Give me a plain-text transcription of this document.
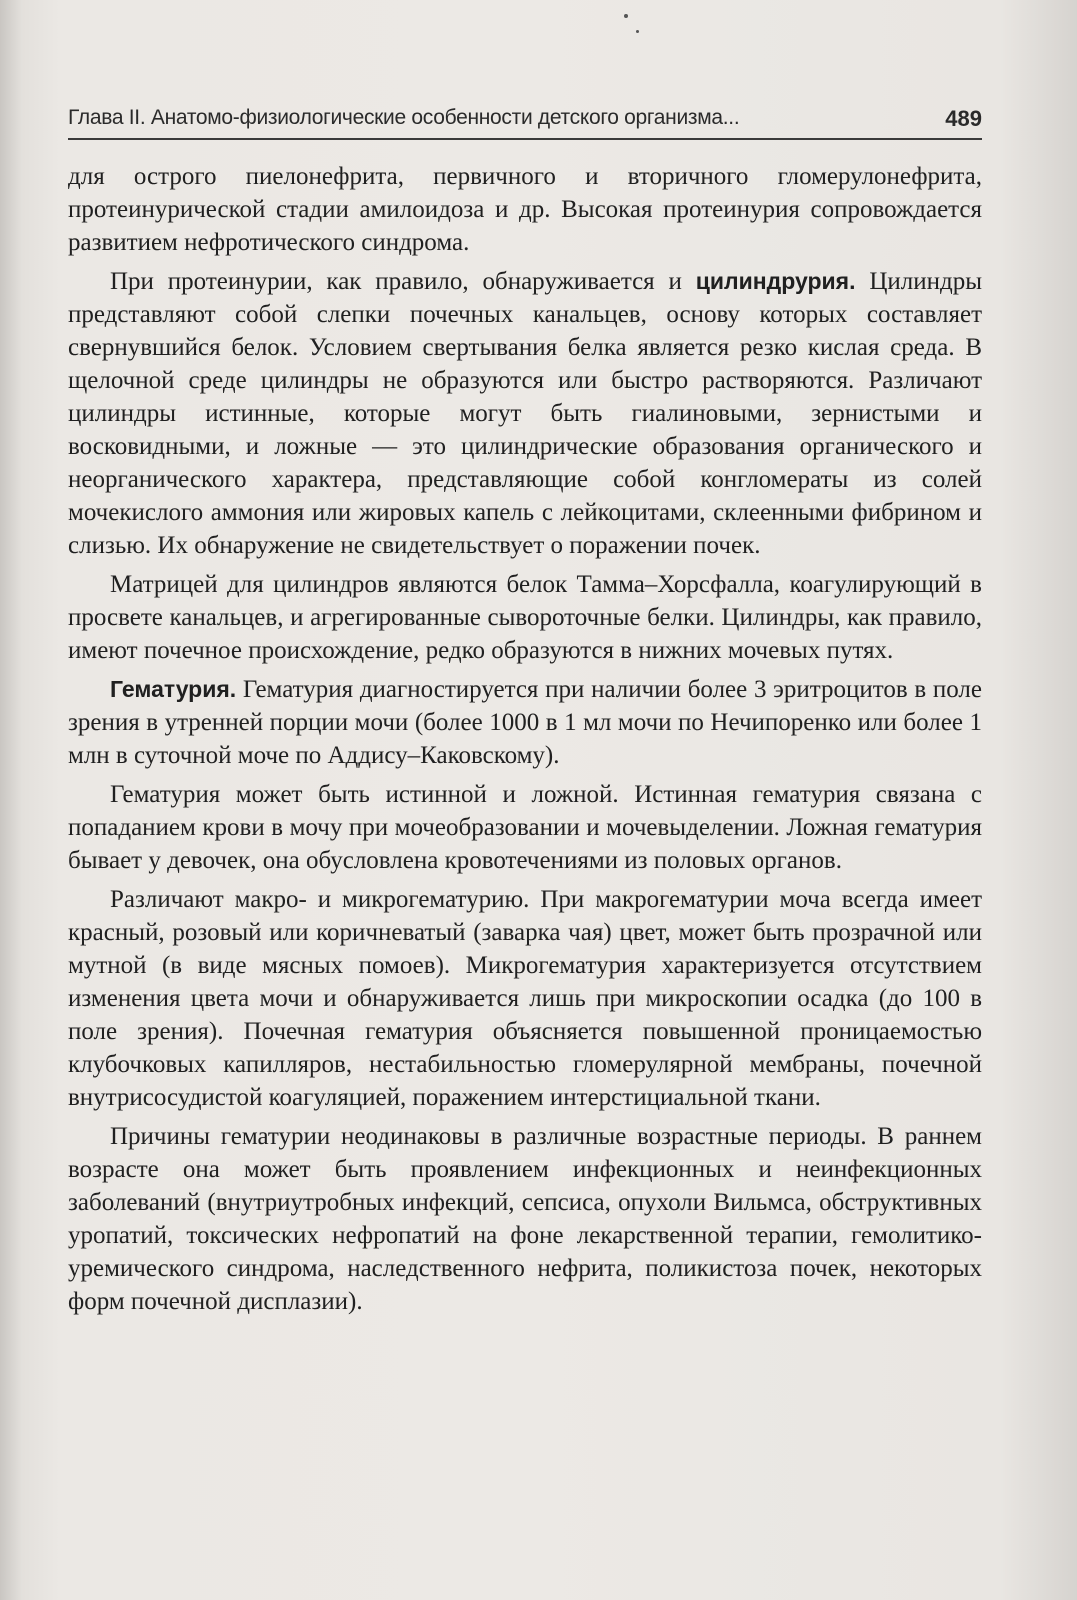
Глава II. Анатомо-физиологические особенности детского организма...	489

для острого пиелонефрита, первичного и вторичного гломерулонефрита, протеинурической стадии амилоидоза и др. Высокая протеинурия сопровождается развитием нефротического синдрома.

При протеинурии, как правило, обнаруживается и цилиндрурия. Цилиндры представляют собой слепки почечных канальцев, основу которых составляет свернувшийся белок. Условием свертывания белка является резко кислая среда. В щелочной среде цилиндры не образуются или быстро растворяются. Различают цилиндры истинные, которые могут быть гиалиновыми, зернистыми и восковидными, и ложные — это цилиндрические образования органического и неорганического характера, представляющие собой конгломераты из солей мочекислого аммония или жировых капель с лейкоцитами, склеенными фибрином и слизью. Их обнаружение не свидетельствует о поражении почек.

Матрицей для цилиндров являются белок Тамма–Хорсфалла, коагулирующий в просвете канальцев, и агрегированные сывороточные белки. Цилиндры, как правило, имеют почечное происхождение, редко образуются в нижних мочевых путях.

Гематурия. Гематурия диагностируется при наличии более 3 эритроцитов в поле зрения в утренней порции мочи (более 1000 в 1 мл мочи по Нечипоренко или более 1 млн в суточной моче по Аддису–Каковскому).

Гематурия может быть истинной и ложной. Истинная гематурия связана с попаданием крови в мочу при мочеобразовании и мочевыделении. Ложная гематурия бывает у девочек, она обусловлена кровотечениями из половых органов.

Различают макро- и микрогематурию. При макрогематурии моча всегда имеет красный, розовый или коричневатый (заварка чая) цвет, может быть прозрачной или мутной (в виде мясных помоев). Микрогематурия характеризуется отсутствием изменения цвета мочи и обнаруживается лишь при микроскопии осадка (до 100 в поле зрения). Почечная гематурия объясняется повышенной проницаемостью клубочковых капилляров, нестабильностью гломерулярной мембраны, почечной внутрисосудистой коагуляцией, поражением интерстициальной ткани.

Причины гематурии неодинаковы в различные возрастные периоды. В раннем возрасте она может быть проявлением инфекционных и неинфекционных заболеваний (внутриутробных инфекций, сепсиса, опухоли Вильмса, обструктивных уропатий, токсических нефропатий на фоне лекарственной терапии, гемолитико-уремического синдрома, наследственного нефрита, поликистоза почек, некоторых форм почечной дисплазии).
